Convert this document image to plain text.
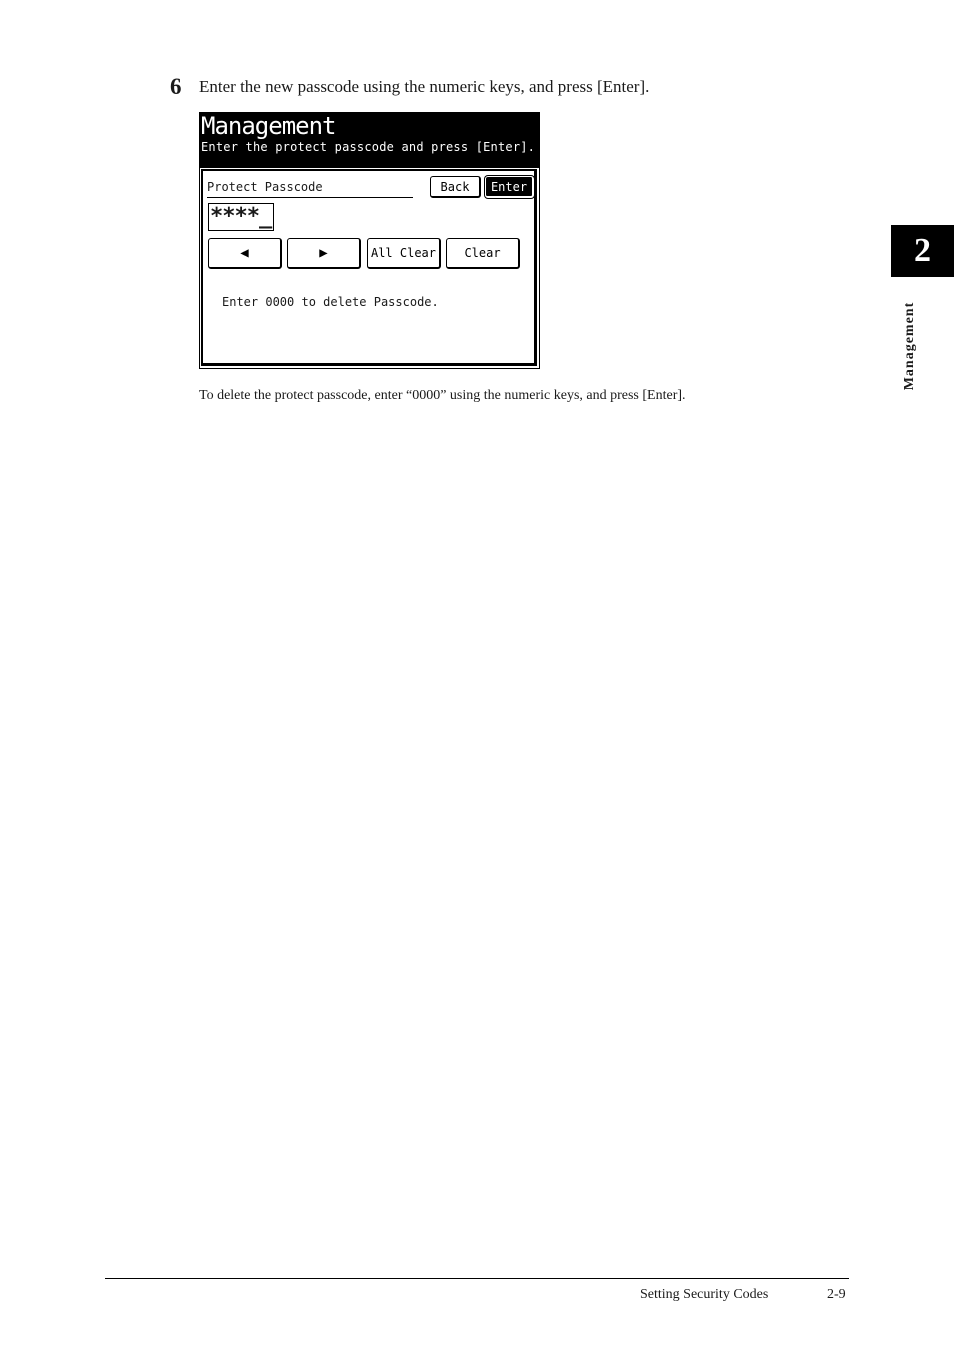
6 Enter the new passcode using the numeric keys, and press [Enter].
Management
Enter the protect passcode and press [Enter].
Protect Passcode	Back	Enter
****_
◀	▶	All Clear	Clear
Enter 0000 to delete Passcode.
To delete the protect passcode, enter “0000” using the numeric keys, and press [Enter].
2
Management
Setting Security Codes	2-9
